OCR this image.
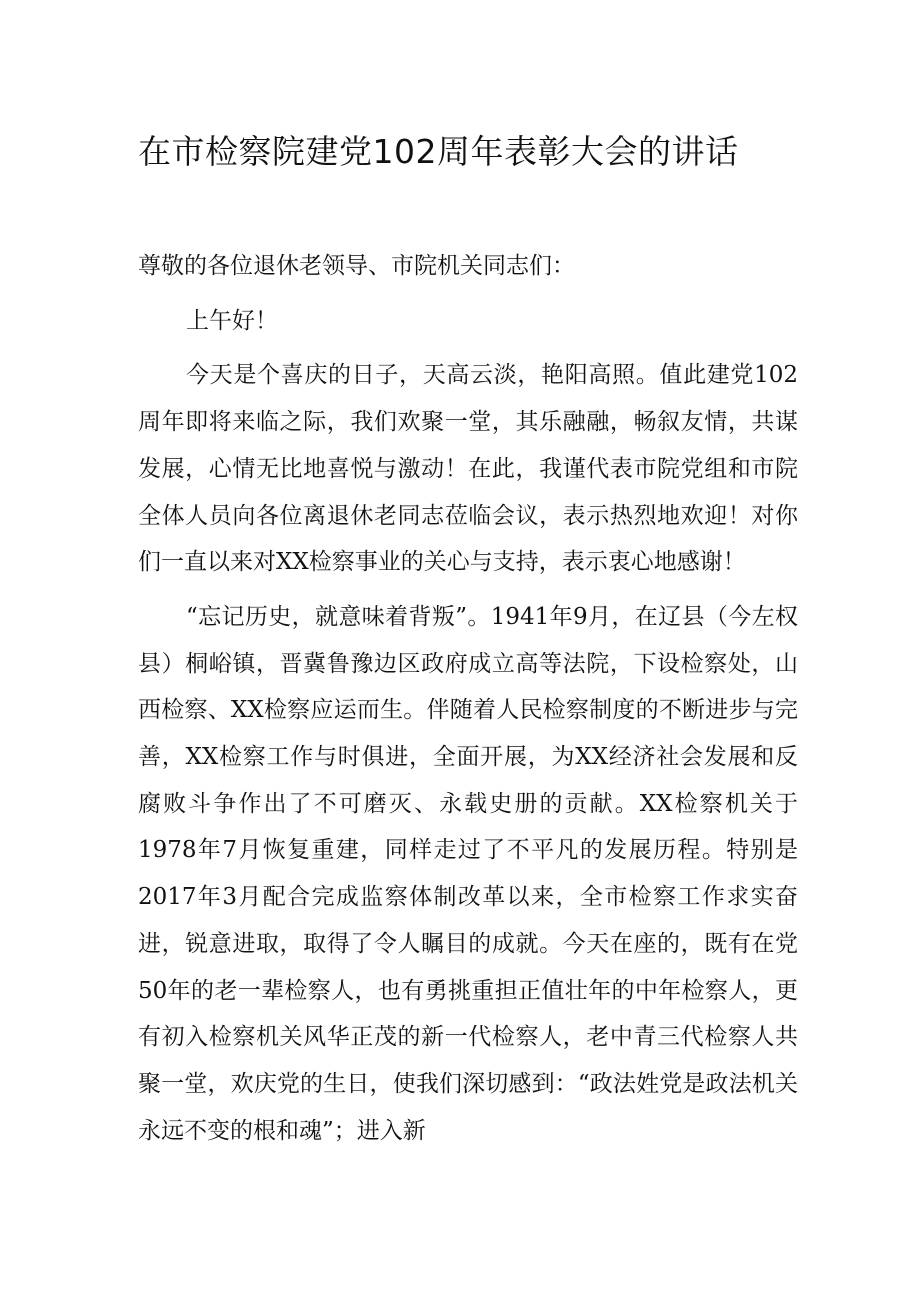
在市检察院建党102周年表彰大会的讲话

尊敬的各位退休老领导、市院机关同志们：

上午好！

今天是个喜庆的日子，天高云淡，艳阳高照。值此建党102周年即将来临之际，我们欢聚一堂，其乐融融，畅叙友情，共谋发展，心情无比地喜悦与激动！在此，我谨代表市院党组和市院全体人员向各位离退休老同志莅临会议，表示热烈地欢迎！对你们一直以来对XX检察事业的关心与支持，表示衷心地感谢！

“忘记历史，就意味着背叛”。1941年9月，在辽县（今左权县）桐峪镇，晋冀鲁豫边区政府成立高等法院，下设检察处，山西检察、XX检察应运而生。伴随着人民检察制度的不断进步与完善，XX检察工作与时俱进，全面开展，为XX经济社会发展和反腐败斗争作出了不可磨灭、永载史册的贡献。XX检察机关于1978年7月恢复重建，同样走过了不平凡的发展历程。特别是2017年3月配合完成监察体制改革以来，全市检察工作求实奋进，锐意进取，取得了令人瞩目的成就。今天在座的，既有在党50年的老一辈检察人，也有勇挑重担正值壮年的中年检察人，更有初入检察机关风华正茂的新一代检察人，老中青三代检察人共聚一堂，欢庆党的生日，使我们深切感到：“政法姓党是政法机关永远不变的根和魂”；进入新
